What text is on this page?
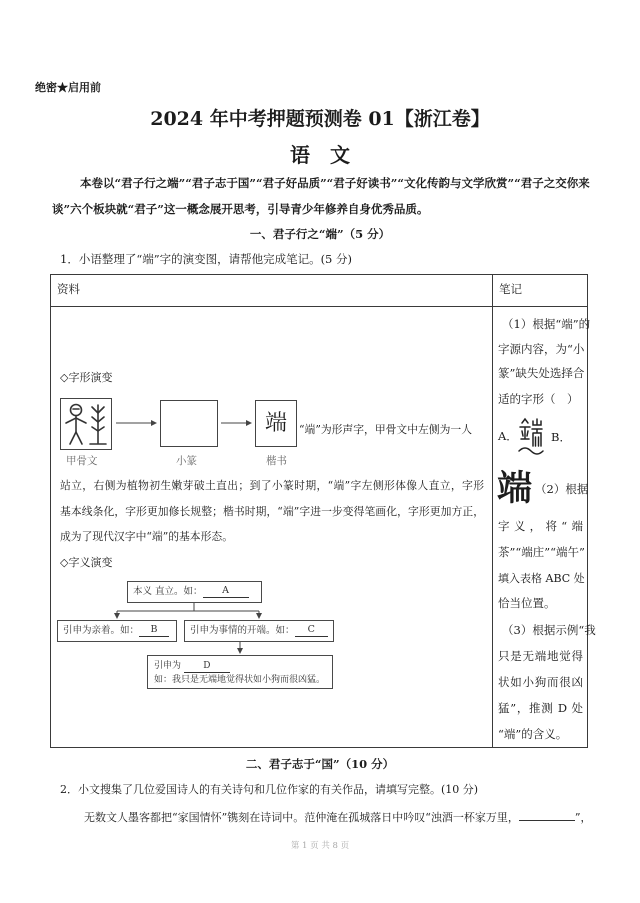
绝密★启用前
2024 年中考押题预测卷 01【浙江卷】
语　文
本卷以“君子行之端”“君子志于国”“君子好品质”“君子好读书”“文化传韵与文学欣赏”“君子之交你来
谈”六个板块就“君子”这一概念展开思考，引导青少年修养自身优秀品质。
一、君子行之“端”（5 分）
1．小语整理了“端”字的演变图，请帮他完成笔记。(5 分)
资料	笔记
◇字形演变
端	“端”为形声字，甲骨文中左侧为一人
甲骨文	小篆	楷书
站立，右侧为植物初生嫩芽破土直出；到了小篆时期，“端”字左侧形体像人直立，字形
基本线条化，字形更加修长规整；楷书时期，“端”字进一步变得笔画化，字形更加方正，
成为了现代汉字中“端”的基本形态。
◇字义演变
本义 直立。如：	A
引申为亲着。如：	B	引申为事情的开端。如：	C
引申为 D
如：我只是无端地觉得状如小狗而很凶猛。
（1）根据“端”的
字源内容，为“小
篆”缺失处选择合
适的字形（　）
A．	B．
端 （2）根据
字义，将“端
茶”“端庄”“端午”
填入表格 ABC 处
恰当位置。
（3）根据示例“我
只是无端地觉得
状如小狗而很凶
猛”，推测 D 处
“端”的含义。
二、君子志于“国”（10 分）
2．小文搜集了几位爱国诗人的有关诗句和几位作家的有关作品，请填写完整。(10 分)
无数文人墨客都把“家国情怀”镌刻在诗词中。范仲淹在孤城落日中吟叹“浊酒一杯家万里，	”，
第 1 页 共 8 页
